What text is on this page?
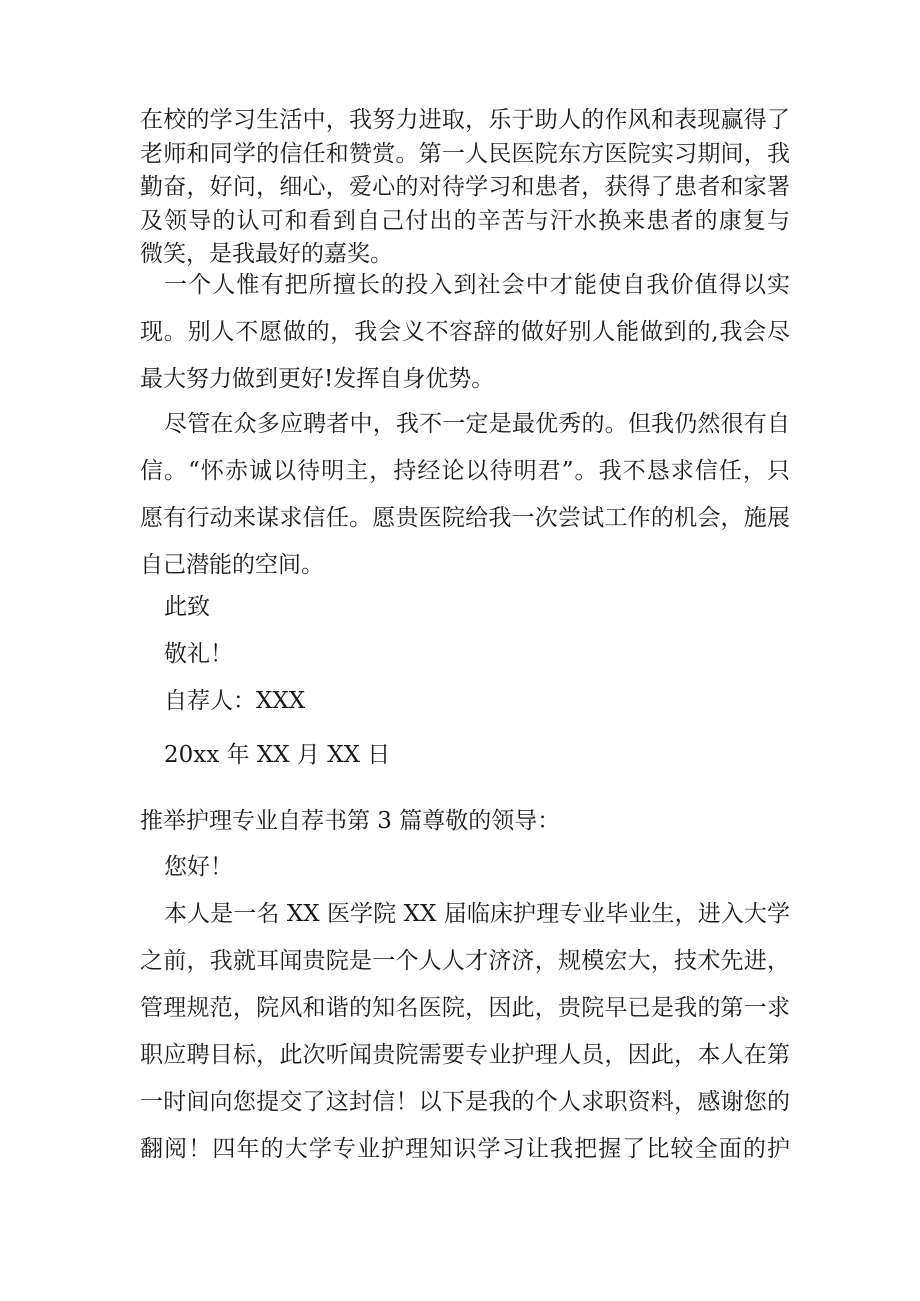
在校的学习生活中，我努力进取，乐于助人的作风和表现赢得了
老师和同学的信任和赞赏。第一人民医院东方医院实习期间，我
勤奋，好问，细心，爱心的对待学习和患者，获得了患者和家署
及领导的认可和看到自己付出的辛苦与汗水换来患者的康复与
微笑，是我最好的嘉奖。
一个人惟有把所擅长的投入到社会中才能使自我价值得以实
现。别人不愿做的，我会义不容辞的做好别人能做到的,我会尽
最大努力做到更好!发挥自身优势。
尽管在众多应聘者中，我不一定是最优秀的。但我仍然很有自
信。“怀赤诚以待明主，持经论以待明君”。我不恳求信任，只
愿有行动来谋求信任。愿贵医院给我一次尝试工作的机会，施展
自己潜能的空间。
此致
敬礼！
自荐人：XXX
20xx 年 XX 月 XX 日
推举护理专业自荐书第 3 篇尊敬的领导：
您好！
本人是一名 XX 医学院 XX 届临床护理专业毕业生，进入大学
之前，我就耳闻贵院是一个人人才济济，规模宏大，技术先进，
管理规范，院风和谐的知名医院，因此，贵院早已是我的第一求
职应聘目标，此次听闻贵院需要专业护理人员，因此，本人在第
一时间向您提交了这封信！以下是我的个人求职资料，感谢您的
翻阅！四年的大学专业护理知识学习让我把握了比较全面的护
